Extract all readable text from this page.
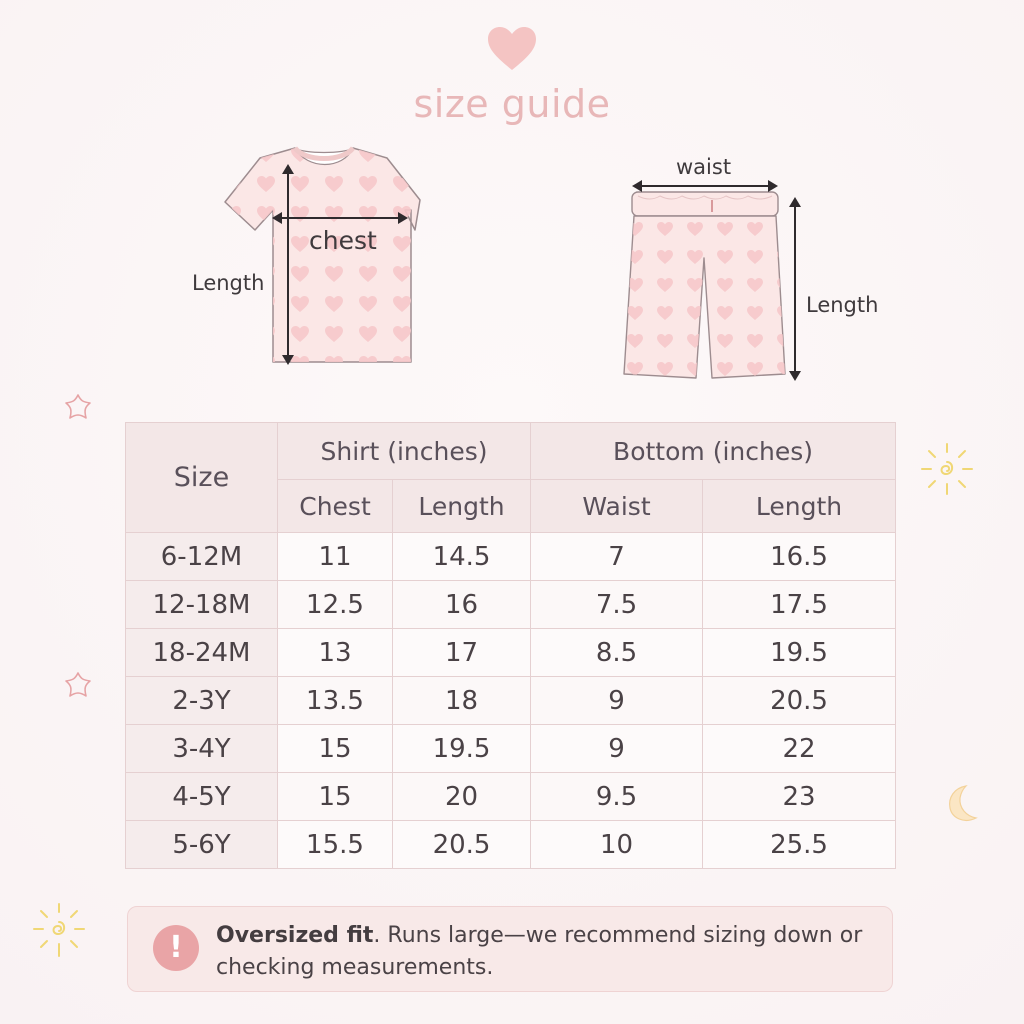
size guide
chest
Length
waist
Length
Size	Shirt (inches)		Bottom (inches)	
	Chest	Length	Waist	Length
6-12M	11	14.5	7	16.5
12-18M	12.5	16	7.5	17.5
18-24M	13	17	8.5	19.5
2-3Y	13.5	18	9	20.5
3-4Y	15	19.5	9	22
4-5Y	15	20	9.5	23
5-6Y	15.5	20.5	10	25.5
!	Oversized fit. Runs large—we recommend sizing down or checking measurements.
